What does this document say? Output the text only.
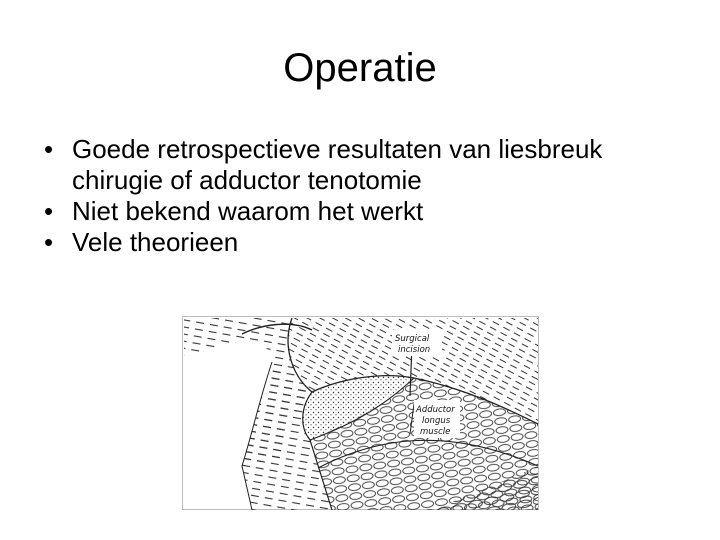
Operatie
• Goede retrospectieve resultaten van liesbreuk chirugie of adductor tenotomie
• Niet bekend waarom het werkt
• Vele theorieen
Surgical
incision
Adductor
longus
muscle
